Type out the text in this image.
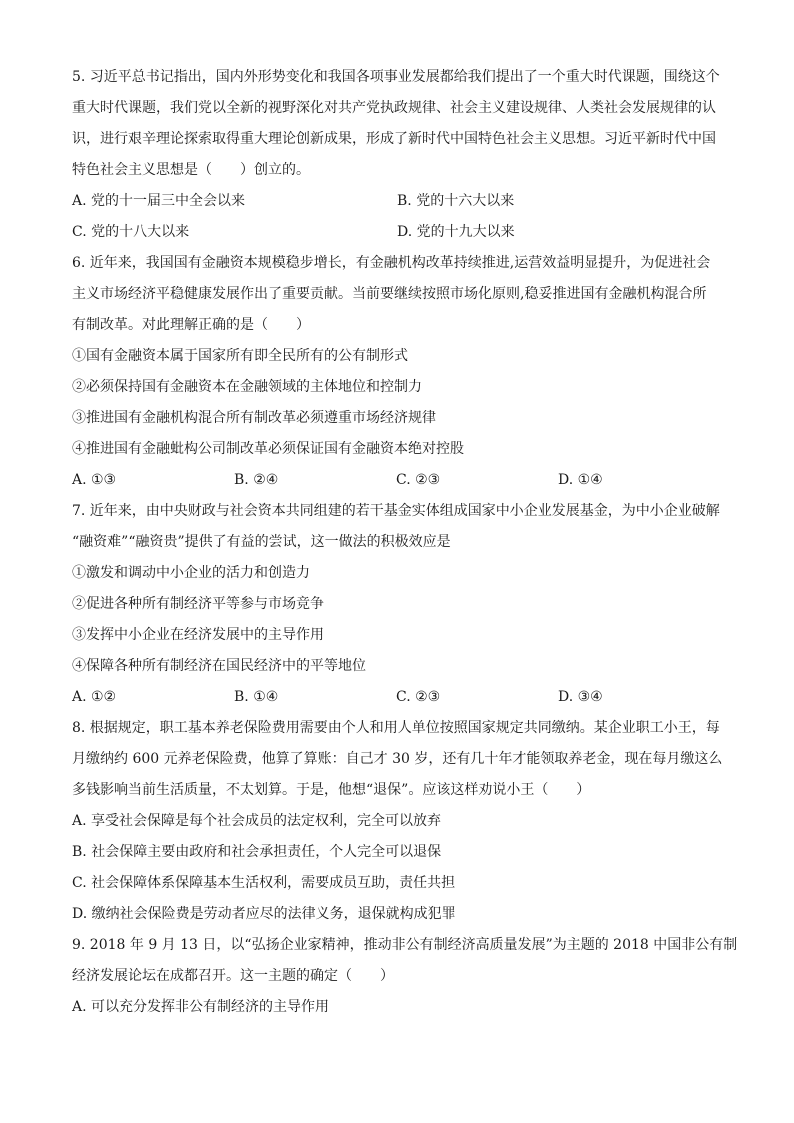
5. 习近平总书记指出，国内外形势变化和我国各项事业发展都给我们提出了一个重大时代课题，围绕这个
重大时代课题，我们党以全新的视野深化对共产党执政规律、社会主义建设规律、人类社会发展规律的认
识，进行艰辛理论探索取得重大理论创新成果，形成了新时代中国特色社会主义思想。习近平新时代中国
特色社会主义思想是（　　）创立的。
A. 党的十一届三中全会以来	B. 党的十六大以来
C. 党的十八大以来	D. 党的十九大以来
6. 近年来，我国国有金融资本规模稳步增长，有金融机构改革持续推进,运营效益明显提升，为促进社会
主义市场经济平稳健康发展作出了重要贡献。当前要继续按照市场化原则,稳妥推进国有金融机构混合所
有制改革。对此理解正确的是（　　）
①国有金融资本属于国家所有即全民所有的公有制形式
②必须保持国有金融资本在金融领域的主体地位和控制力
③推进国有金融机构混合所有制改革必须遵重市场经济规律
④推进国有金融蚍构公司制改革必须保证国有金融资本绝对控股
A. ①③	B. ②④	C. ②③	D. ①④
7. 近年来，由中央财政与社会资本共同组建的若干基金实体组成国家中小企业发展基金，为中小企业破解
“融资难”“融资贵”提供了有益的尝试，这一做法的积极效应是
①激发和调动中小企业的活力和创造力
②促进各种所有制经济平等参与市场竞争
③发挥中小企业在经济发展中的主导作用
④保障各种所有制经济在国民经济中的平等地位
A. ①②	B. ①④	C. ②③	D. ③④
8. 根据规定，职工基本养老保险费用需要由个人和用人单位按照国家规定共同缴纳。某企业职工小王，每
月缴纳约 600 元养老保险费，他算了算账：自己才 30 岁，还有几十年才能领取养老金，现在每月缴这么
多钱影响当前生活质量，不太划算。于是，他想“退保”。应该这样劝说小王（　　）
A. 享受社会保障是每个社会成员的法定权利，完全可以放弃
B. 社会保障主要由政府和社会承担责任，个人完全可以退保
C. 社会保障体系保障基本生活权利，需要成员互助，责任共担
D. 缴纳社会保险费是劳动者应尽的法律义务，退保就构成犯罪
9. 2018 年 9 月 13 日，以“弘扬企业家精神，推动非公有制经济高质量发展”为主题的 2018 中国非公有制
经济发展论坛在成都召开。这一主题的确定（　　）
A. 可以充分发挥非公有制经济的主导作用
